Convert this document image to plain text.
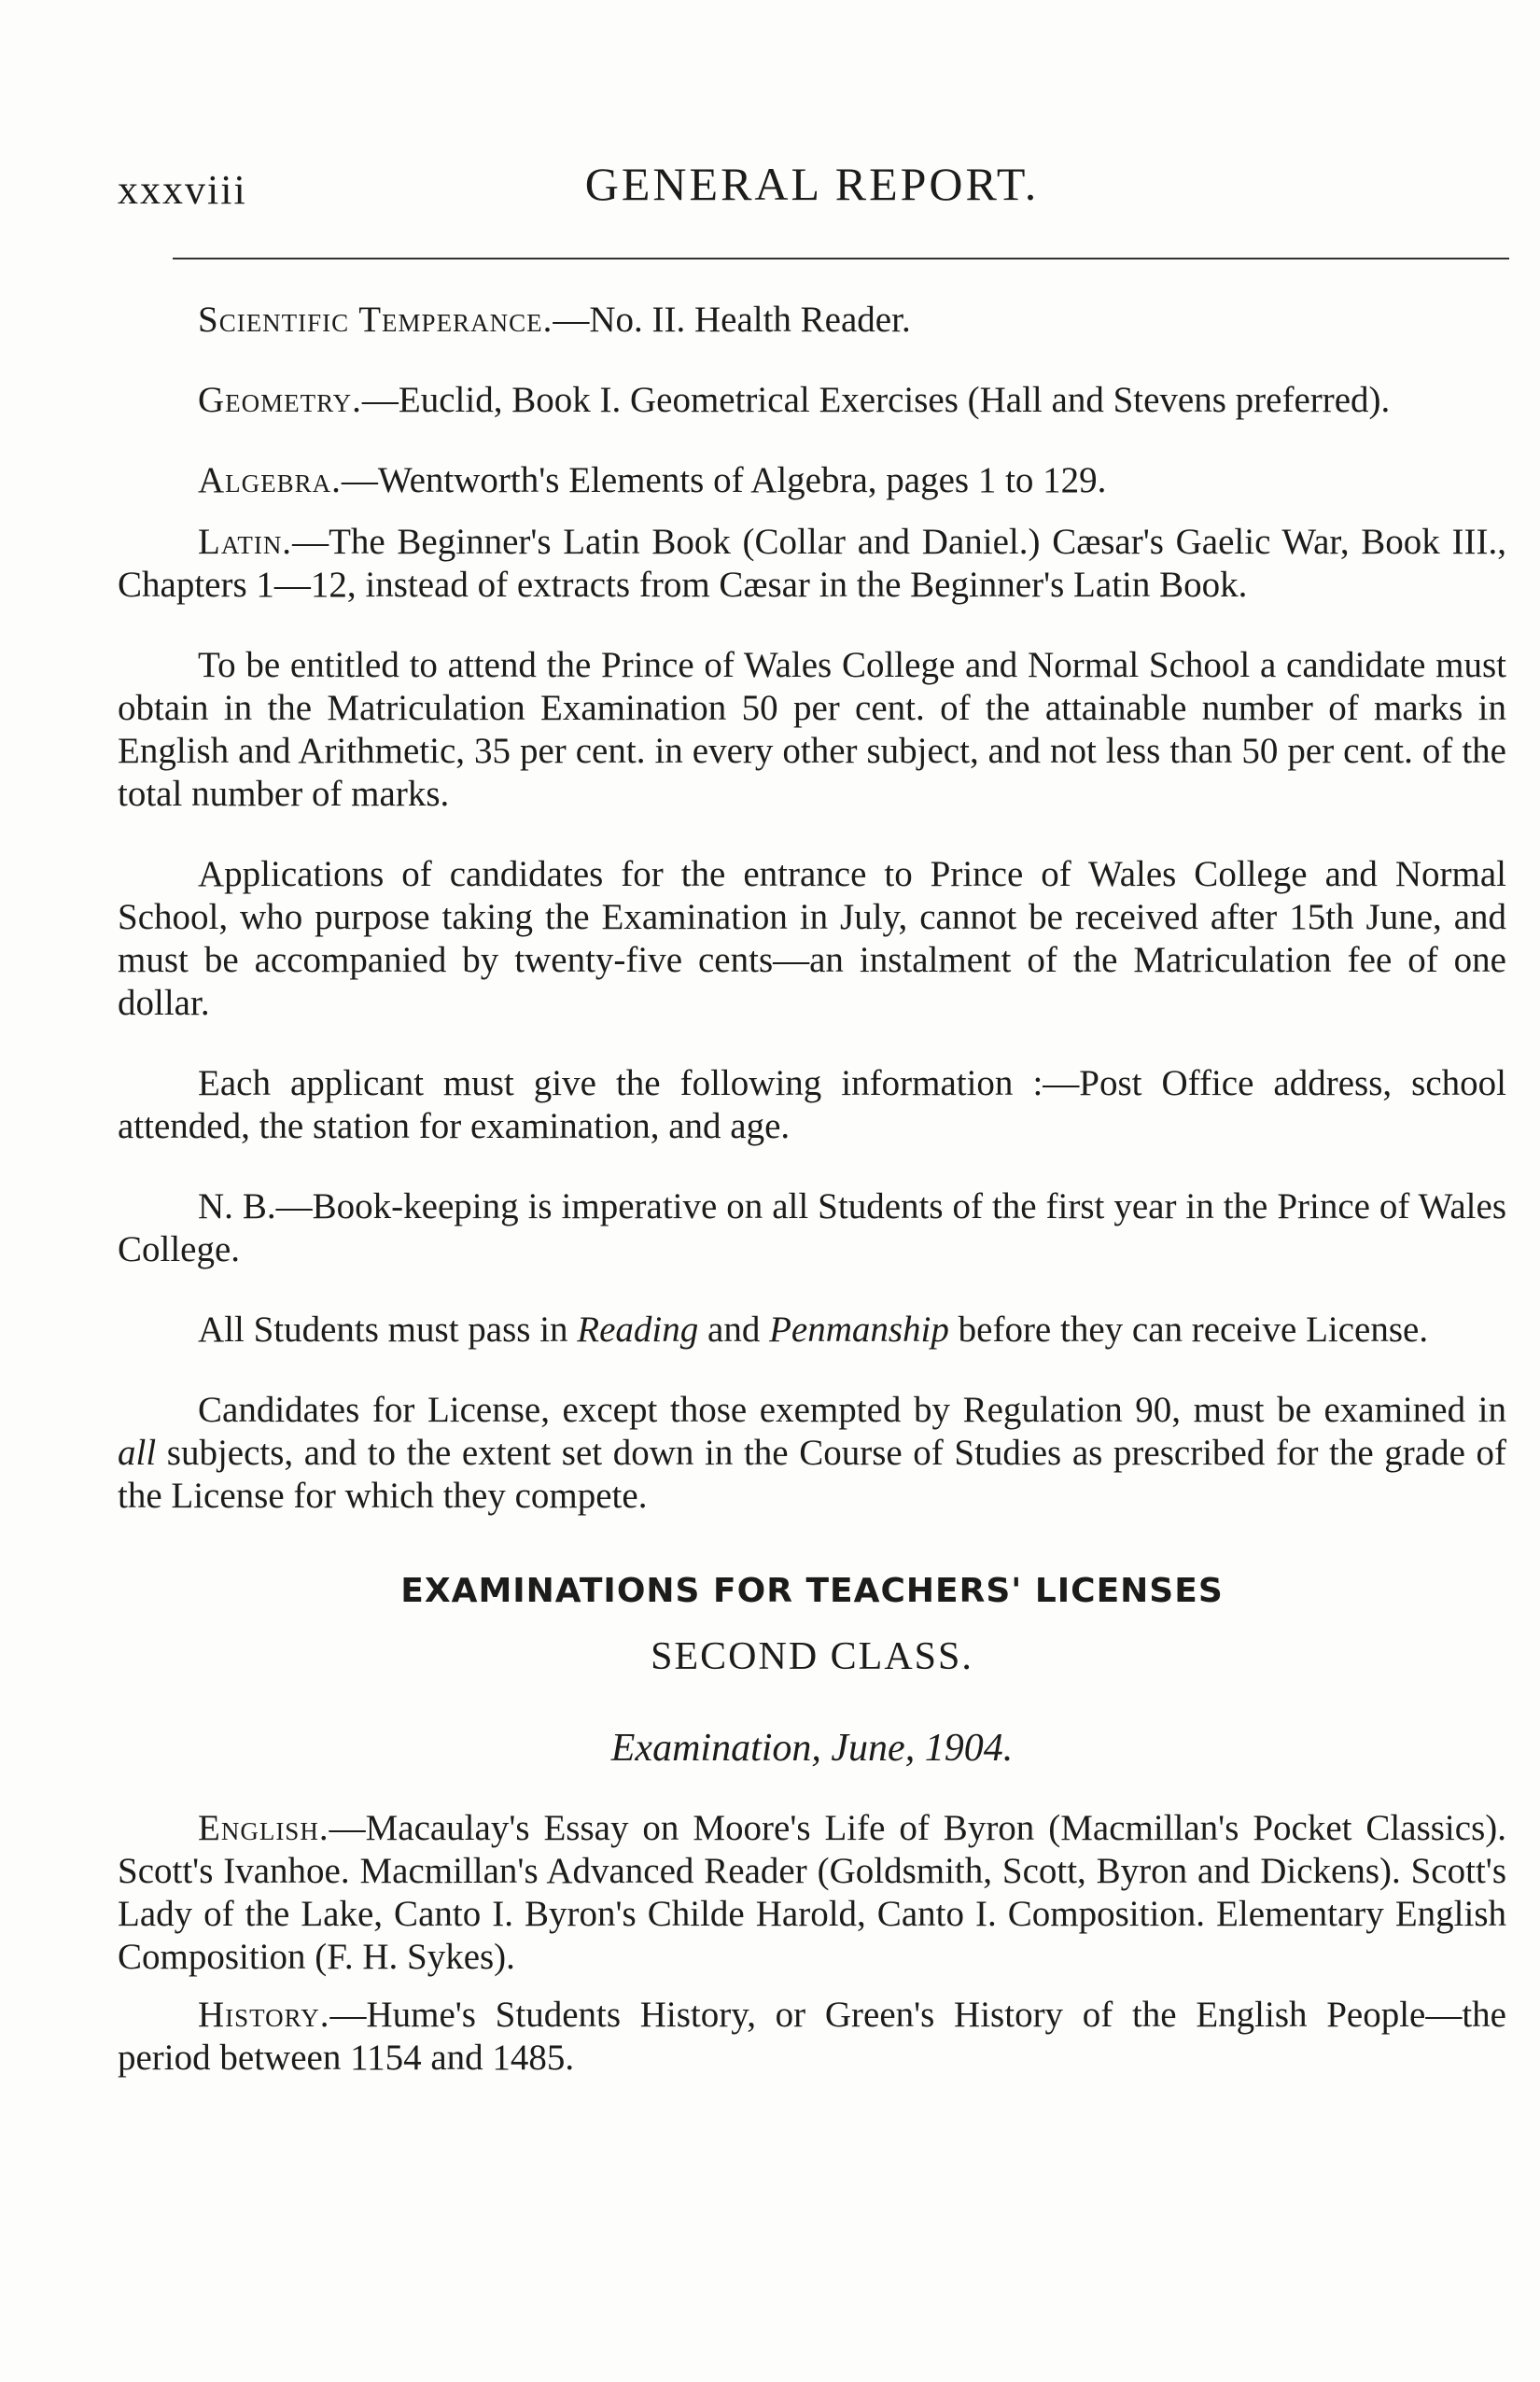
xxxviii	GENERAL REPORT.

Scientific Temperance.—No. II. Health Reader.

Geometry.—Euclid, Book I. Geometrical Exercises (Hall and Stevens preferred).

Algebra.—Wentworth's Elements of Algebra, pages 1 to 129.

Latin.—The Beginner's Latin Book (Collar and Daniel.) Cæsar's Gaelic War, Book III., Chapters 1—12, instead of extracts from Cæsar in the Beginner's Latin Book.

To be entitled to attend the Prince of Wales College and Normal School a candidate must obtain in the Matriculation Examination 50 per cent. of the attainable number of marks in English and Arithmetic, 35 per cent. in every other subject, and not less than 50 per cent. of the total number of marks.

Applications of candidates for the entrance to Prince of Wales College and Normal School, who purpose taking the Examination in July, cannot be received after 15th June, and must be accompanied by twenty-five cents—an instalment of the Matriculation fee of one dollar.

Each applicant must give the following information :—Post Office address, school attended, the station for examination, and age.

N. B.—Book-keeping is imperative on all Students of the first year in the Prince of Wales College.

All Students must pass in Reading and Penmanship before they can receive License.

Candidates for License, except those exempted by Regulation 90, must be examined in all subjects, and to the extent set down in the Course of Studies as prescribed for the grade of the License for which they compete.

EXAMINATIONS FOR TEACHERS' LICENSES

SECOND CLASS.

Examination, June, 1904.

English.—Macaulay's Essay on Moore's Life of Byron (Macmillan's Pocket Classics). Scott's Ivanhoe. Macmillan's Advanced Reader (Goldsmith, Scott, Byron and Dickens). Scott's Lady of the Lake, Canto I. Byron's Childe Harold, Canto I. Composition. Elementary English Composition (F. H. Sykes).

History.—Hume's Students History, or Green's History of the English People—the period between 1154 and 1485.
